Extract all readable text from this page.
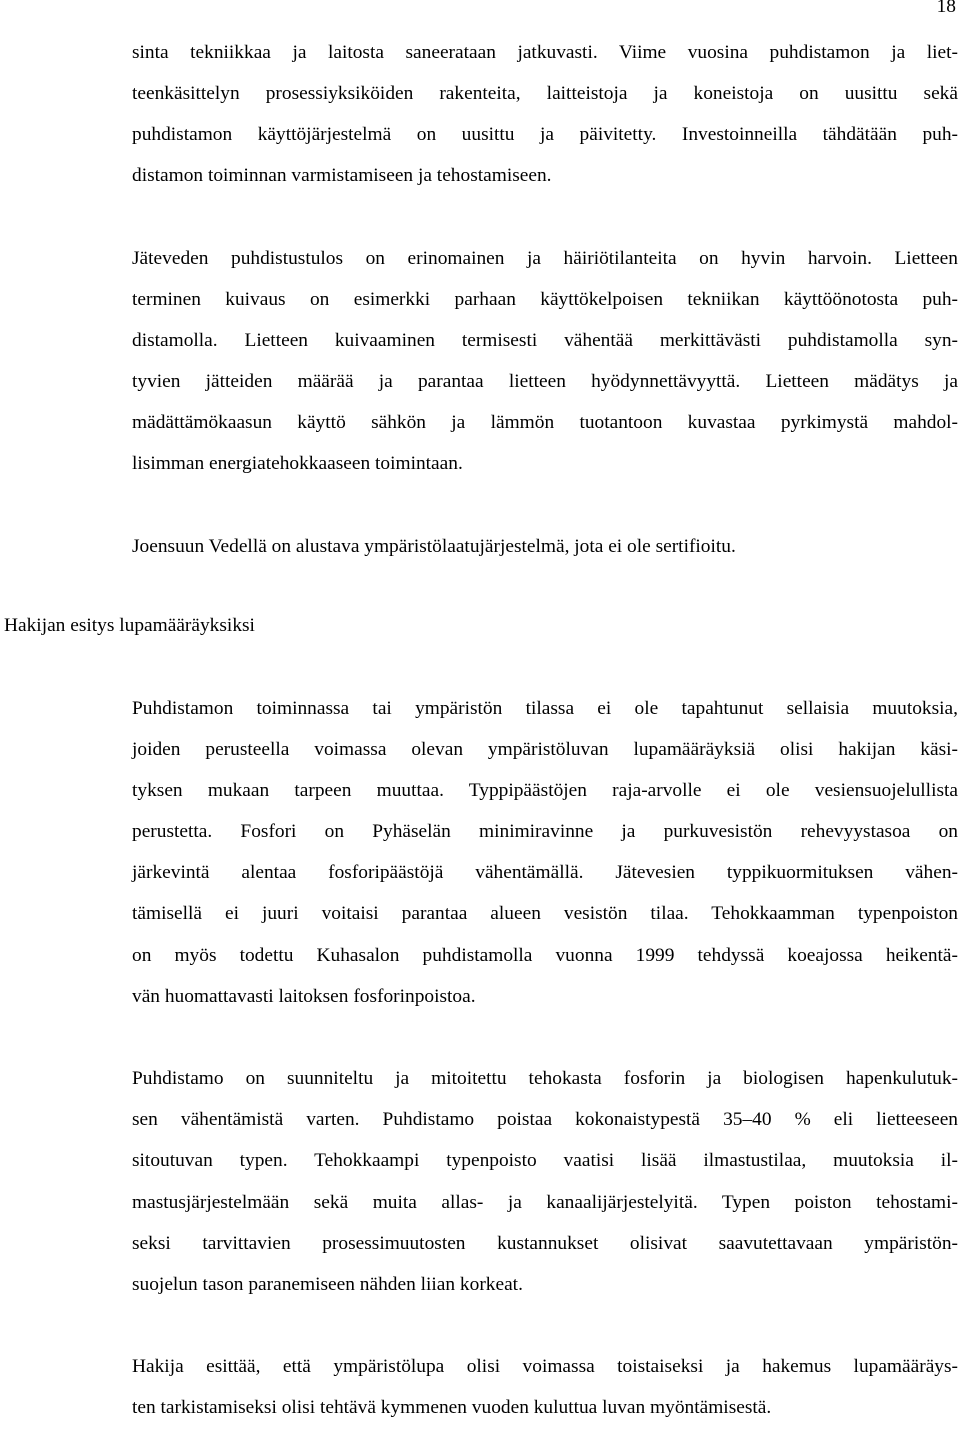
18

sinta tekniikkaa ja laitosta saneerataan jatkuvasti. Viime vuosina puhdistamon ja liet-
teenkäsittelyn prosessiyksiköiden rakenteita, laitteistoja ja koneistoja on uusittu sekä
puhdistamon käyttöjärjestelmä on uusittu ja päivitetty. Investoinneilla tähdätään puh-
distamon toiminnan varmistamiseen ja tehostamiseen.

Jäteveden puhdistustulos on erinomainen ja häiriötilanteita on hyvin harvoin. Lietteen
terminen kuivaus on esimerkki parhaan käyttökelpoisen tekniikan käyttöönotosta puh-
distamolla. Lietteen kuivaaminen termisesti vähentää merkittävästi puhdistamolla syn-
tyvien jätteiden määrää ja parantaa lietteen hyödynnettävyyttä. Lietteen mädätys ja
mädättämökaasun käyttö sähkön ja lämmön tuotantoon kuvastaa pyrkimystä mahdol-
lisimman energiatehokkaaseen toimintaan.

Joensuun Vedellä on alustava ympäristölaatujärjestelmä, jota ei ole sertifioitu.

Hakijan esitys lupamääräyksiksi

Puhdistamon toiminnassa tai ympäristön tilassa ei ole tapahtunut sellaisia muutoksia,
joiden perusteella voimassa olevan ympäristöluvan lupamääräyksiä olisi hakijan käsi-
tyksen mukaan tarpeen muuttaa. Typpipäästöjen raja-arvolle ei ole vesiensuojelullista
perustetta. Fosfori on Pyhäselän minimiravinne ja purkuvesistön rehevyystasoa on
järkevintä alentaa fosforipäästöjä vähentämällä. Jätevesien typpikuormituksen vähen-
tämisellä ei juuri voitaisi parantaa alueen vesistön tilaa. Tehokkaamman typenpoiston
on myös todettu Kuhasalon puhdistamolla vuonna 1999 tehdyssä koeajossa heikentä-
vän huomattavasti laitoksen fosforinpoistoa.

Puhdistamo on suunniteltu ja mitoitettu tehokasta fosforin ja biologisen hapenkulutuk-
sen vähentämistä varten. Puhdistamo poistaa kokonaistypestä 35–40 % eli lietteeseen
sitoutuvan typen. Tehokkaampi typenpoisto vaatisi lisää ilmastustilaa, muutoksia il-
mastusjärjestelmään sekä muita allas- ja kanaalijärjestelyitä. Typen poiston tehostami-
seksi tarvittavien prosessimuutosten kustannukset olisivat saavutettavaan ympäristön-
suojelun tason paranemiseen nähden liian korkeat.

Hakija esittää, että ympäristölupa olisi voimassa toistaiseksi ja hakemus lupamääräys-
ten tarkistamiseksi olisi tehtävä kymmenen vuoden kuluttua luvan myöntämisestä.
